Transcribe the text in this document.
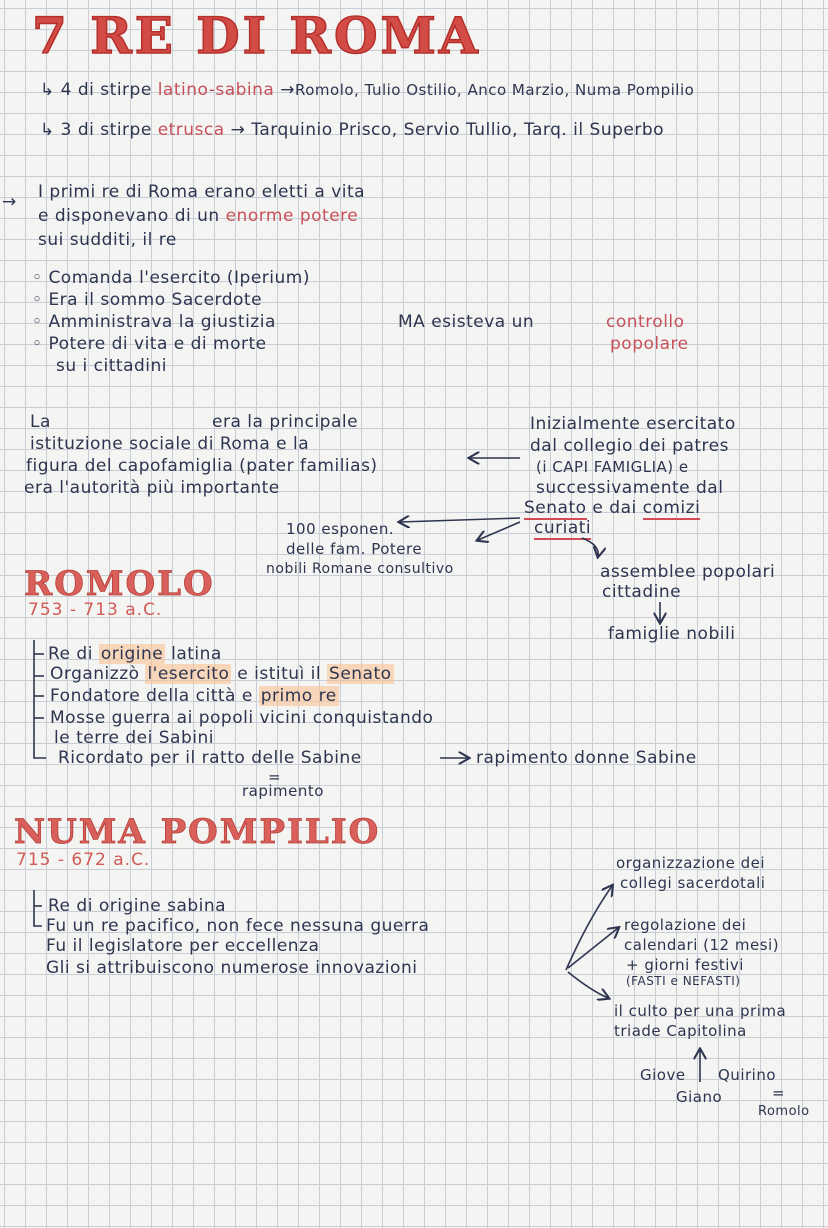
7 RE DI ROMA
↳ 4 di stirpe latino-sabina →Romolo, Tulio Ostilio, Anco Marzio, Numa Pompilio
↳ 3 di stirpe etrusca → Tarquinio Prisco, Servio Tullio, Tarq. il Superbo
→ I primi re di Roma erano eletti a vita
e disponevano di un enorme potere
sui sudditi, il re
◦ Comanda l'esercito (Iperium)
◦ Era il sommo Sacerdote
◦ Amministrava la giustizia
◦ Potere di vita e di morte
su i cittadini
MA esisteva un	controllo
popolare
La	era la principale
istituzione sociale di Roma e la
figura del capofamiglia (pater familias)
era l'autorità più importante
Inizialmente esercitato
dal collegio dei patres
(i CAPI FAMIGLIA) e
successivamente dal
Senato e dai comizi
curiati
100 esponen.
delle fam. Potere
nobili Romane consultivo	assemblee popolari
cittadine
famiglie nobili
ROMOLO
753 - 713 a.C.
Re di origine latina
Organizzò l'esercito e istituì il Senato
Fondatore della città e primo re
Mosse guerra ai popoli vicini conquistando
le terre dei Sabini
Ricordato per il ratto delle Sabine	rapimento donne Sabine
=
rapimento
NUMA POMPILIO
715 - 672 a.C.
Re di origine sabina
Fu un re pacifico, non fece nessuna guerra
Fu il legislatore per eccellenza
Gli si attribuiscono numerose innovazioni
organizzazione dei
collegi sacerdotali
regolazione dei
calendari (12 mesi)
+ giorni festivi
(FASTI e NEFASTI)
il culto per una prima
triade Capitolina
Giove Quirino
Giano	=
Romolo
